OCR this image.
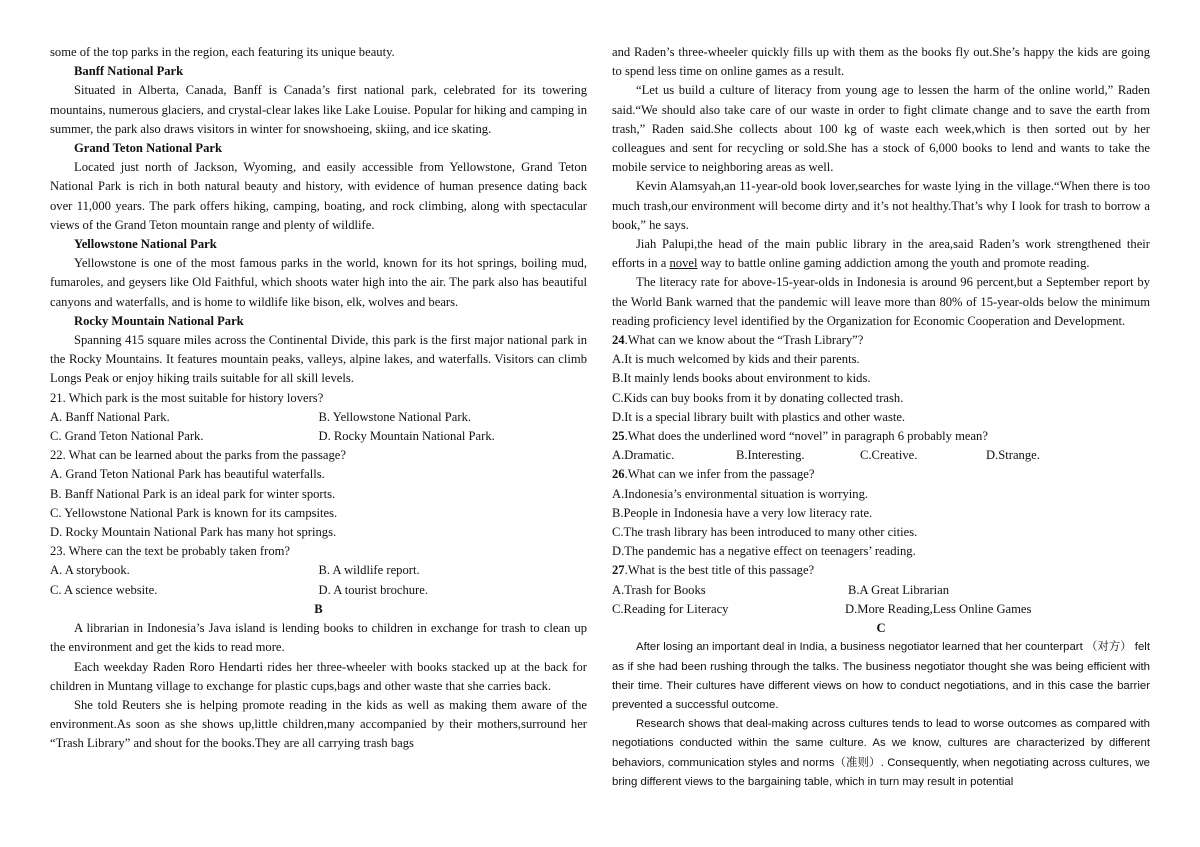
some of the top parks in the region, each featuring its unique beauty.

Banff National Park

Situated in Alberta, Canada, Banff is Canada’s first national park, celebrated for its towering mountains, numerous glaciers, and crystal-clear lakes like Lake Louise. Popular for hiking and camping in summer, the park also draws visitors in winter for snowshoeing, skiing, and ice skating.

Grand Teton National Park

Located just north of Jackson, Wyoming, and easily accessible from Yellowstone, Grand Teton National Park is rich in both natural beauty and history, with evidence of human presence dating back over 11,000 years. The park offers hiking, camping, boating, and rock climbing, along with spectacular views of the Grand Teton mountain range and plenty of wildlife.

Yellowstone National Park

Yellowstone is one of the most famous parks in the world, known for its hot springs, boiling mud, fumaroles, and geysers like Old Faithful, which shoots water high into the air. The park also has beautiful canyons and waterfalls, and is home to wildlife like bison, elk, wolves and bears.

Rocky Mountain National Park

Spanning 415 square miles across the Continental Divide, this park is the first major national park in the Rocky Mountains. It features mountain peaks, valleys, alpine lakes, and waterfalls. Visitors can climb Longs Peak or enjoy hiking trails suitable for all skill levels.

21. Which park is the most suitable for history lovers?

A. Banff National Park.	B. Yellowstone National Park.
C. Grand Teton National Park.	D. Rocky Mountain National Park.

22. What can be learned about the parks from the passage?

A. Grand Teton National Park has beautiful waterfalls.

B. Banff National Park is an ideal park for winter sports.

C. Yellowstone National Park is known for its campsites.

D. Rocky Mountain National Park has many hot springs.

23. Where can the text be probably taken from?

A. A storybook.	B. A wildlife report.
C. A science website.	D. A tourist brochure.

B

A librarian in Indonesia’s Java island is lending books to children in exchange for trash to clean up the environment and get the kids to read more.

Each weekday Raden Roro Hendarti rides her three-wheeler with books stacked up at the back for children in Muntang village to exchange for plastic cups,bags and other waste that she carries back.

She told Reuters she is helping promote reading in the kids as well as making them aware of the environment.As soon as she shows up,little children,many accompanied by their mothers,surround her “Trash Library” and shout for the books.They are all carrying trash bags

and Raden’s three-wheeler quickly fills up with them as the books fly out.She’s happy the kids are going to spend less time on online games as a result.

“Let us build a culture of literacy from young age to lessen the harm of the online world,” Raden said.“We should also take care of our waste in order to fight climate change and to save the earth from trash,” Raden said.She collects about 100 kg of waste each week,which is then sorted out by her colleagues and sent for recycling or sold.She has a stock of 6,000 books to lend and wants to take the mobile service to neighboring areas as well.

Kevin Alamsyah,an 11-year-old book lover,searches for waste lying in the village.“When there is too much trash,our environment will become dirty and it’s not healthy.That’s why I look for trash to borrow a book,” he says.

Jiah Palupi,the head of the main public library in the area,said Raden’s work strengthened their efforts in a novel way to battle online gaming addiction among the youth and promote reading.

The literacy rate for above-15-year-olds in Indonesia is around 96 percent,but a September report by the World Bank warned that the pandemic will leave more than 80% of 15-year-olds below the minimum reading proficiency level identified by the Organization for Economic Cooperation and Development.

24.What can we know about the “Trash Library”?

A.It is much welcomed by kids and their parents.

B.It mainly lends books about environment to kids.

C.Kids can buy books from it by donating collected trash.

D.It is a special library built with plastics and other waste.

25.What does the underlined word “novel” in paragraph 6 probably mean?

A.Dramatic.	B.Interesting.	C.Creative.	D.Strange.

26.What can we infer from the passage?

A.Indonesia’s environmental situation is worrying.

B.People in Indonesia have a very low literacy rate.

C.The trash library has been introduced to many other cities.

D.The pandemic has a negative effect on teenagers’ reading.

27.What is the best title of this passage?

A.Trash for Books	B.A Great Librarian
C.Reading for Literacy	D.More Reading,Less Online Games

C

After losing an important deal in India, a business negotiator learned that her counterpart （对方） felt as if she had been rushing through the talks. The business negotiator thought she was being efficient with their time. Their cultures have different views on how to conduct negotiations, and in this case the barrier prevented a successful outcome.

Research shows that deal-making across cultures tends to lead to worse outcomes as compared with negotiations conducted within the same culture. As we know, cultures are characterized by different behaviors, communication styles and norms（准则）. Consequently, when negotiating across cultures, we bring different views to the bargaining table, which in turn may result in potential
